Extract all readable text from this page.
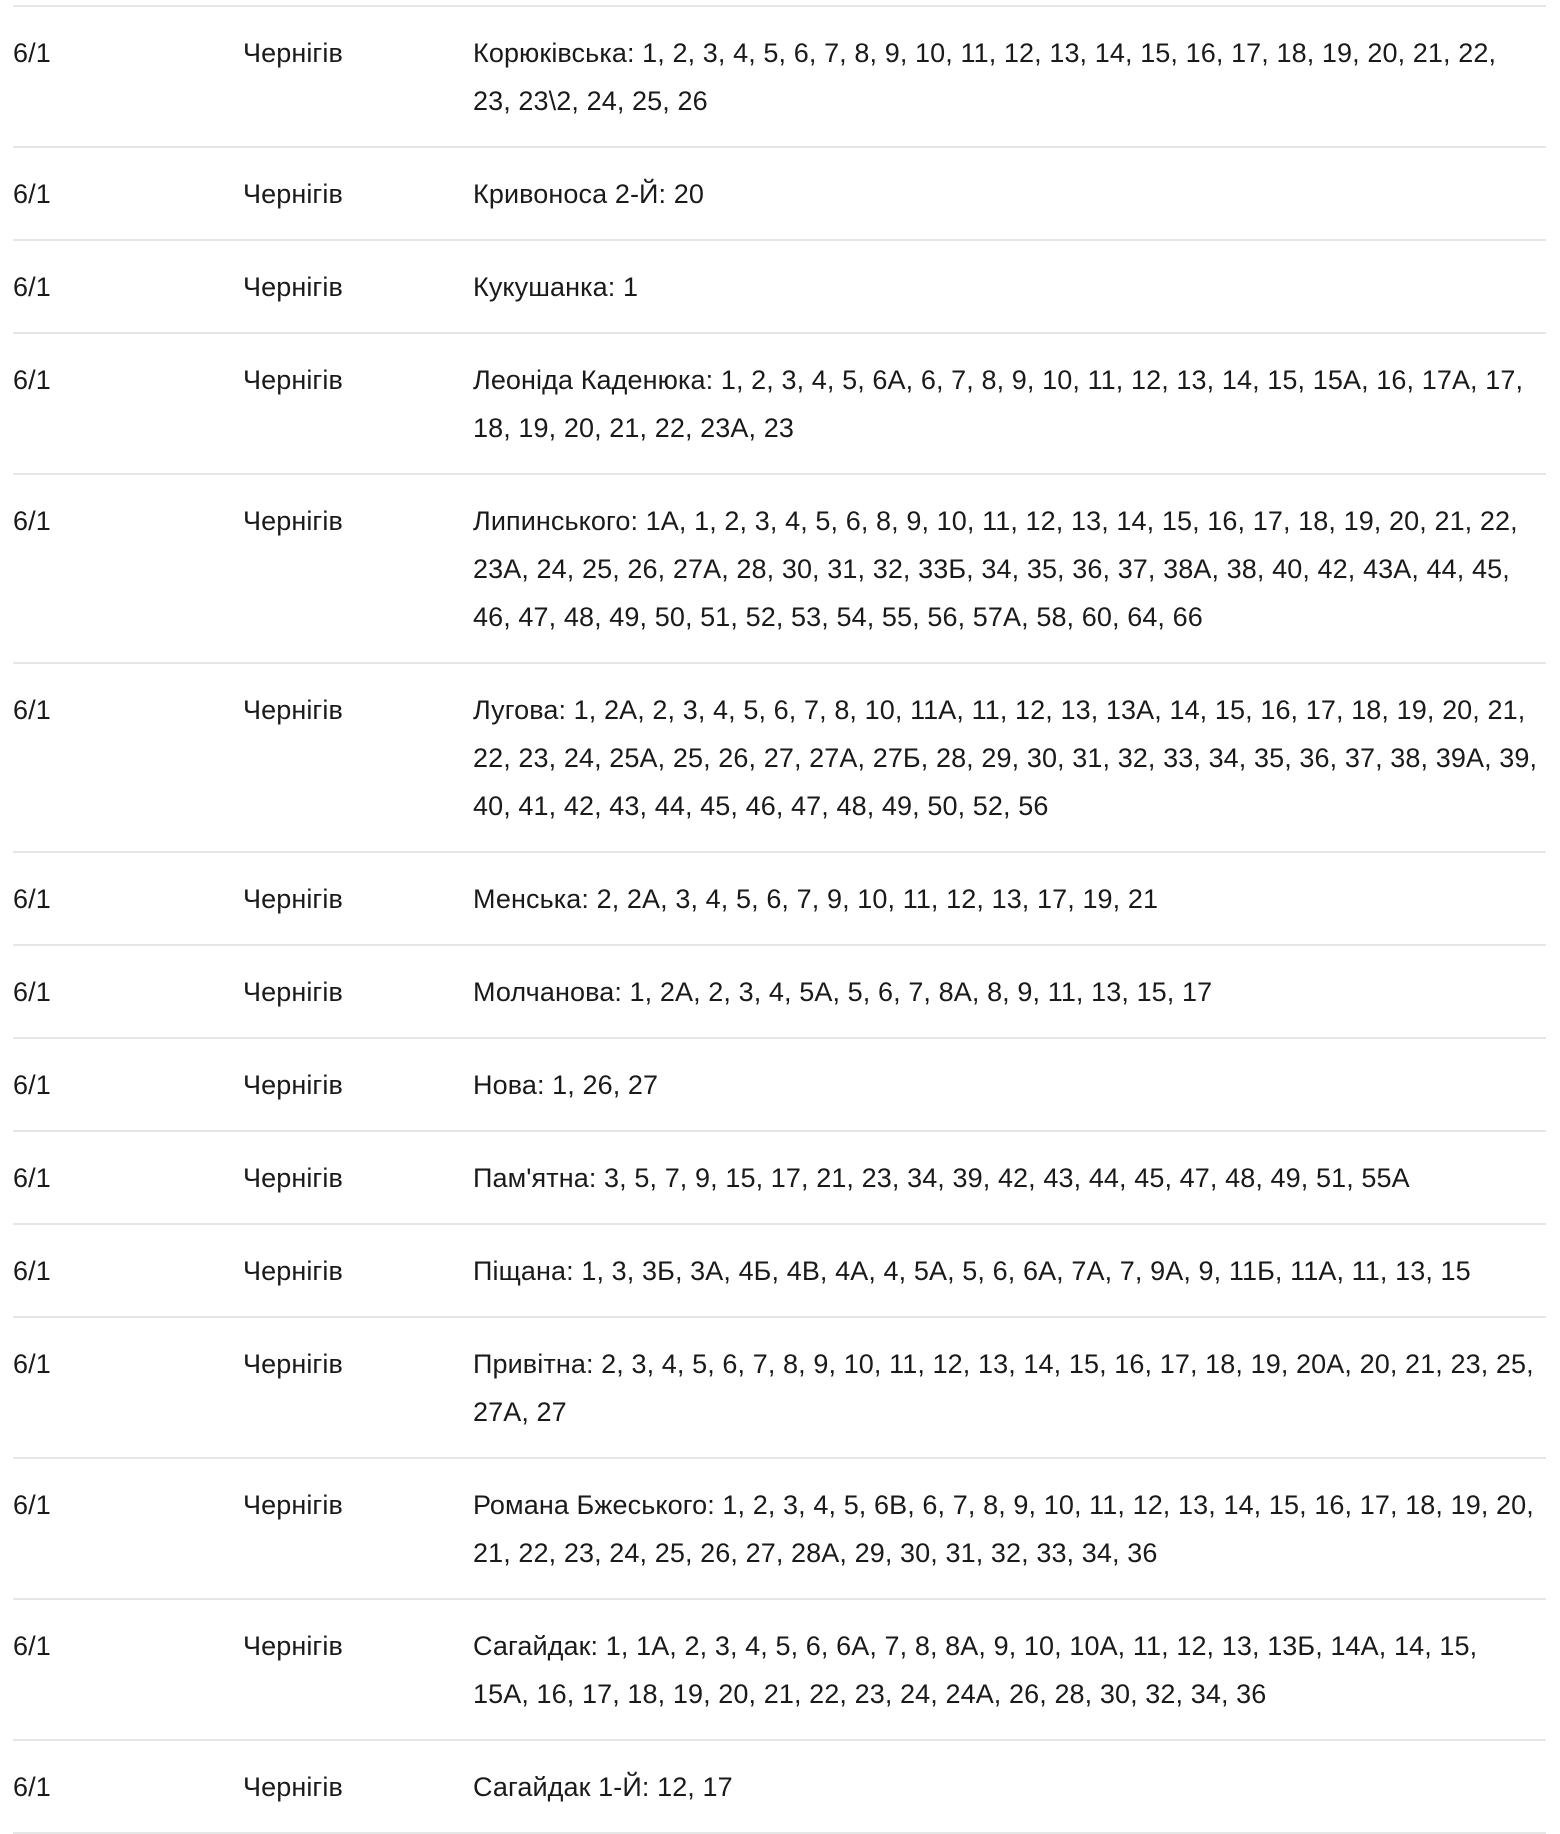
6/1	Чернігів	Корюківська: 1, 2, 3, 4, 5, 6, 7, 8, 9, 10, 11, 12, 13, 14, 15, 16, 17, 18, 19, 20, 21, 22, 23, 23\2, 24, 25, 26
6/1	Чернігів	Кривоноса 2-Й: 20
6/1	Чернігів	Кукушанка: 1
6/1	Чернігів	Леоніда Каденюка: 1, 2, 3, 4, 5, 6А, 6, 7, 8, 9, 10, 11, 12, 13, 14, 15, 15А, 16, 17А, 17, 18, 19, 20, 21, 22, 23А, 23
6/1	Чернігів	Липинського: 1А, 1, 2, 3, 4, 5, 6, 8, 9, 10, 11, 12, 13, 14, 15, 16, 17, 18, 19, 20, 21, 22, 23А, 24, 25, 26, 27А, 28, 30, 31, 32, 33Б, 34, 35, 36, 37, 38А, 38, 40, 42, 43А, 44, 45, 46, 47, 48, 49, 50, 51, 52, 53, 54, 55, 56, 57А, 58, 60, 64, 66
6/1	Чернігів	Лугова: 1, 2А, 2, 3, 4, 5, 6, 7, 8, 10, 11А, 11, 12, 13, 13А, 14, 15, 16, 17, 18, 19, 20, 21, 22, 23, 24, 25А, 25, 26, 27, 27А, 27Б, 28, 29, 30, 31, 32, 33, 34, 35, 36, 37, 38, 39А, 39, 40, 41, 42, 43, 44, 45, 46, 47, 48, 49, 50, 52, 56
6/1	Чернігів	Менська: 2, 2А, 3, 4, 5, 6, 7, 9, 10, 11, 12, 13, 17, 19, 21
6/1	Чернігів	Молчанова: 1, 2А, 2, 3, 4, 5А, 5, 6, 7, 8А, 8, 9, 11, 13, 15, 17
6/1	Чернігів	Нова: 1, 26, 27
6/1	Чернігів	Пам'ятна: 3, 5, 7, 9, 15, 17, 21, 23, 34, 39, 42, 43, 44, 45, 47, 48, 49, 51, 55А
6/1	Чернігів	Піщана: 1, 3, 3Б, 3А, 4Б, 4В, 4А, 4, 5А, 5, 6, 6А, 7А, 7, 9А, 9, 11Б, 11А, 11, 13, 15
6/1	Чернігів	Привітна: 2, 3, 4, 5, 6, 7, 8, 9, 10, 11, 12, 13, 14, 15, 16, 17, 18, 19, 20А, 20, 21, 23, 25, 27А, 27
6/1	Чернігів	Романа Бжеського: 1, 2, 3, 4, 5, 6В, 6, 7, 8, 9, 10, 11, 12, 13, 14, 15, 16, 17, 18, 19, 20, 21, 22, 23, 24, 25, 26, 27, 28А, 29, 30, 31, 32, 33, 34, 36
6/1	Чернігів	Сагайдак: 1, 1А, 2, 3, 4, 5, 6, 6А, 7, 8, 8А, 9, 10, 10А, 11, 12, 13, 13Б, 14А, 14, 15, 15А, 16, 17, 18, 19, 20, 21, 22, 23, 24, 24А, 26, 28, 30, 32, 34, 36
6/1	Чернігів	Сагайдак 1-Й: 12, 17
